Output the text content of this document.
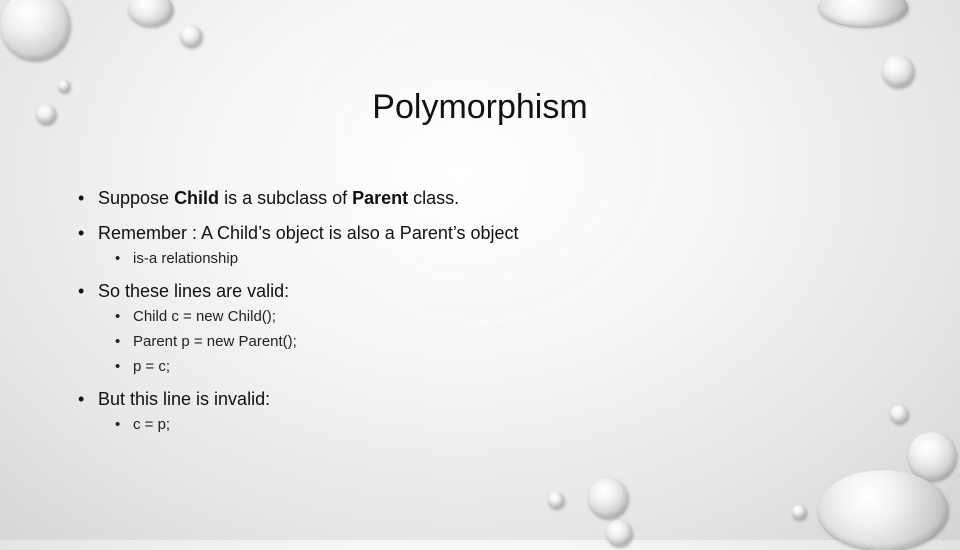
Polymorphism
• Suppose Child is a subclass of Parent class.
• Remember : A Child’s object is also a Parent’s object
• is-a relationship
• So these lines are valid:
• Child c = new Child();
• Parent p = new Parent();
• p = c;
• But this line is invalid:
• c = p;
